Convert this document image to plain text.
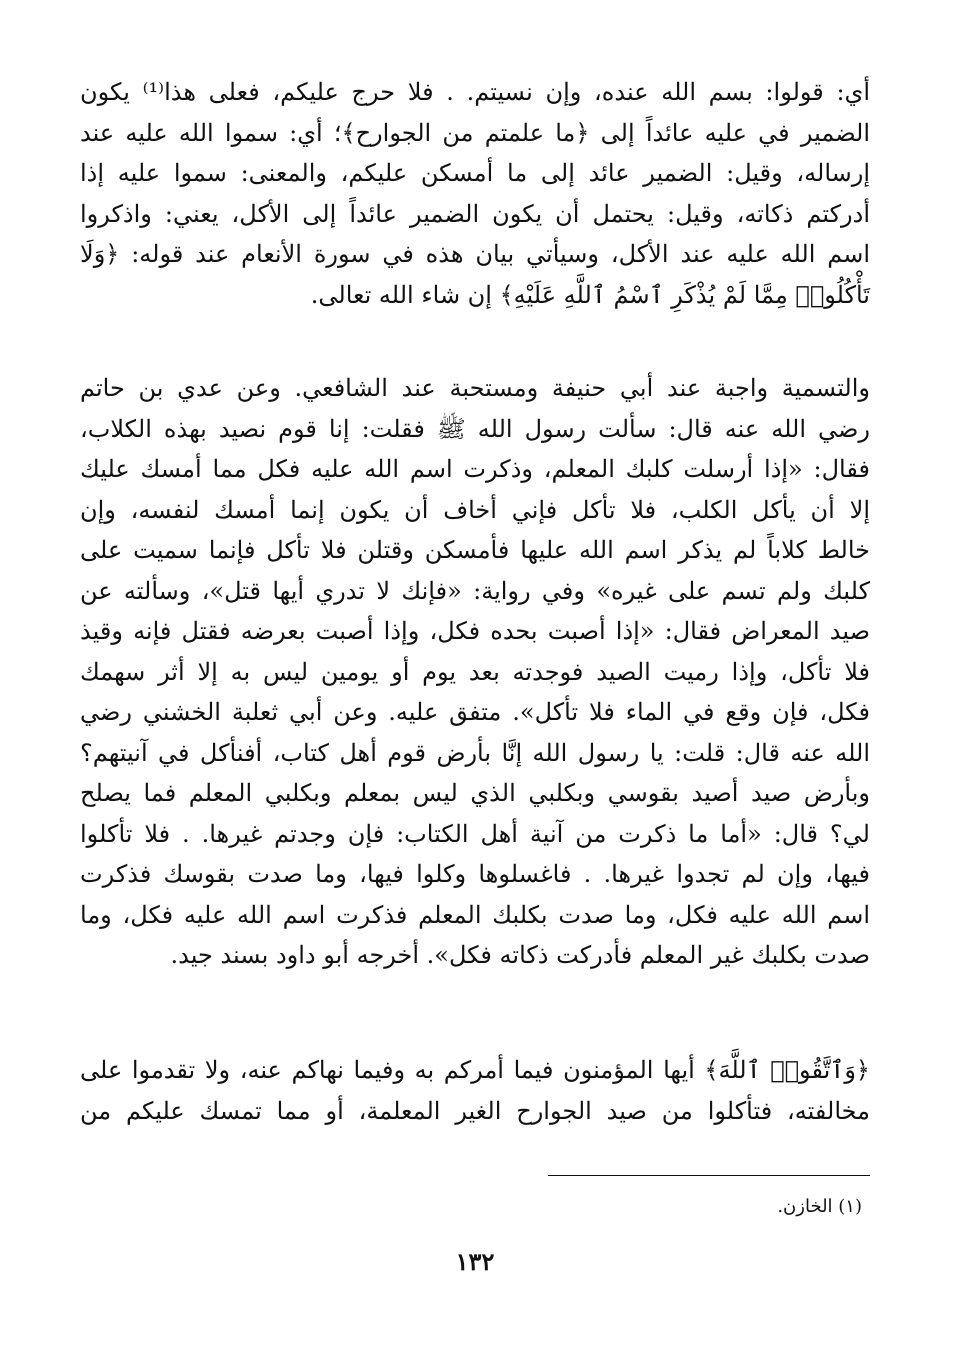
أي: قولوا: بسم الله عنده، وإن نسيتم. . فلا حرج عليكم، فعلى هذا⁽¹⁾ يكون
الضمير في عليه عائداً إلى ﴿ما علمتم من الجوارح﴾؛ أي: سموا الله عليه عند
إرساله، وقيل: الضمير عائد إلى ما أمسكن عليكم، والمعنى: سموا عليه إذا
أدركتم ذكاته، وقيل: يحتمل أن يكون الضمير عائداً إلى الأكل، يعني: واذكروا
اسم الله عليه عند الأكل، وسيأتي بيان هذه في سورة الأنعام عند قوله: ﴿وَلَا
تَأْكُلُوا۟ مِمَّا لَمْ يُذْكَرِ ٱسْمُ ٱللَّهِ عَلَيْهِ﴾ إن شاء الله تعالى.

والتسمية واجبة عند أبي حنيفة ومستحبة عند الشافعي. وعن عدي بن حاتم
رضي الله عنه قال: سألت رسول الله ﷺ فقلت: إنا قوم نصيد بهذه الكلاب،
فقال: «إذا أرسلت كلبك المعلم، وذكرت اسم الله عليه فكل مما أمسك عليك
إلا أن يأكل الكلب، فلا تأكل فإني أخاف أن يكون إنما أمسك لنفسه، وإن
خالط كلاباً لم يذكر اسم الله عليها فأمسكن وقتلن فلا تأكل فإنما سميت على
كلبك ولم تسم على غيره» وفي رواية: «فإنك لا تدري أيها قتل»، وسألته عن
صيد المعراض فقال: «إذا أصبت بحده فكل، وإذا أصبت بعرضه فقتل فإنه وقيذ
فلا تأكل، وإذا رميت الصيد فوجدته بعد يوم أو يومين ليس به إلا أثر سهمك
فكل، فإن وقع في الماء فلا تأكل». متفق عليه. وعن أبي ثعلبة الخشني رضي
الله عنه قال: قلت: يا رسول الله إنَّا بأرض قوم أهل كتاب، أفنأكل في آنيتهم؟
وبأرض صيد أصيد بقوسي وبكلبي الذي ليس بمعلم وبكلبي المعلم فما يصلح
لي؟ قال: «أما ما ذكرت من آنية أهل الكتاب: فإن وجدتم غيرها. . فلا تأكلوا
فيها، وإن لم تجدوا غيرها. . فاغسلوها وكلوا فيها، وما صدت بقوسك فذكرت
اسم الله عليه فكل، وما صدت بكلبك المعلم فذكرت اسم الله عليه فكل، وما
صدت بكلبك غير المعلم فأدركت ذكاته فكل». أخرجه أبو داود بسند جيد.

﴿وَٱتَّقُوا۟ ٱللَّهَ﴾ أيها المؤمنون فيما أمركم به وفيما نهاكم عنه، ولا تقدموا على
مخالفته، فتأكلوا من صيد الجوارح الغير المعلمة، أو مما تمسك عليكم من

(١) الخازن.
١٣٢
